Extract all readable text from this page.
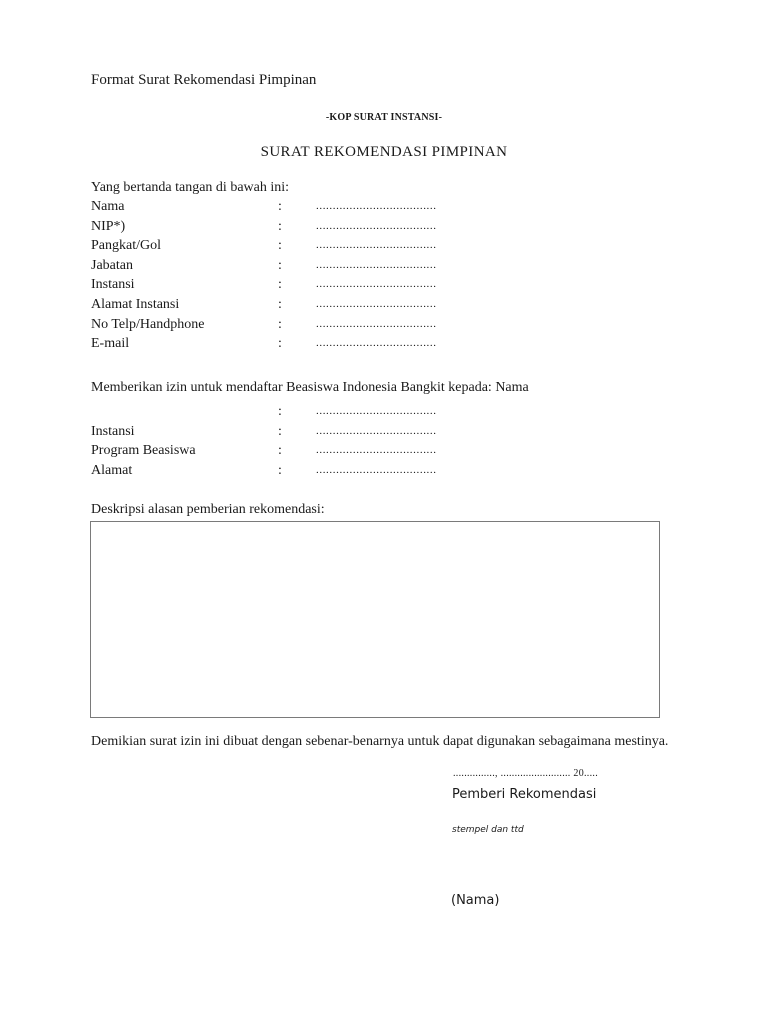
Format Surat Rekomendasi Pimpinan
-KOP SURAT INSTANSI-
SURAT REKOMENDASI PIMPINAN
Yang bertanda tangan di bawah ini:
Nama	:	....................................
NIP*)	:	....................................
Pangkat/Gol	:	....................................
Jabatan	:	....................................
Instansi	:	....................................
Alamat Instansi	:	....................................
No Telp/Handphone	:	....................................
E-mail	:	....................................
Memberikan izin untuk mendaftar Beasiswa Indonesia Bangkit kepada: Nama
:	....................................
Instansi	:	....................................
Program Beasiswa	:	....................................
Alamat	:	....................................
Deskripsi alasan pemberian rekomendasi:
Demikian surat izin ini dibuat dengan sebenar-benarnya untuk dapat digunakan sebagaimana mestinya.
..............., ......................... 20.....
Pemberi Rekomendasi
stempel dan ttd
(Nama)
